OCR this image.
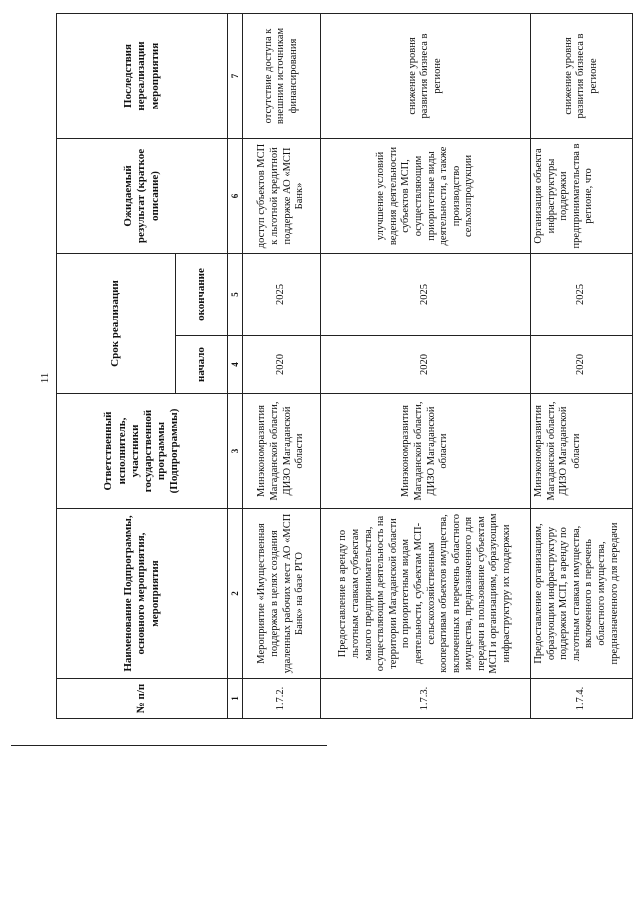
11
№ п/п	Наименование Подпрограммы, основного мероприятия, мероприятия	Ответственный исполнитель, участники государственной программы (Подпрограммы)	Срок реализации		Ожидаемый результат (краткое описание)	Последствия нереализации мероприятия
			начало	окончание		
1	2	3	4	5	6	7
1.7.2.	Мероприятие «Имущественная поддержка в целях создания удаленных рабочих мест АО «МСП Банк» на базе РГО	Минэкономразвития Магаданской области, ДИЗО Магаданской области	2020	2025	доступ субъектов МСП к льготной кредитной поддержке АО «МСП Банк»	отсутствие доступа к внешним источникам финансирования
1.7.3.	Предоставление в аренду по льготным ставкам субъектам малого предпринимательства, осуществляющим деятельность на территории Магаданской области по приоритетным видам деятельности, субъектам МСП-сельскохозяйственным кооперативам объектов имущества, включенных в перечень областного имущества, предназначенного для передачи в пользование субъектам МСП и организациям, образующим инфраструктуру их поддержки	Минэкономразвития Магаданской области, ДИЗО Магаданской области	2020	2025	улучшение условий ведения деятельности субъектов МСП, осуществляющим приоритетные виды деятельности, а также производство сельхозпродукции	снижение уровня развития бизнеса в регионе
1.7.4.	Предоставление организациям, образующим инфраструктуру поддержки МСП, в аренду по льготным ставкам имущества, включенного в перечень областного имущества, предназначенного для передачи	Минэкономразвития Магаданской области, ДИЗО Магаданской области	2020	2025	Организация объекта инфраструктуры поддержки предпринимательства в регионе, что	снижение уровня развития бизнеса в регионе
